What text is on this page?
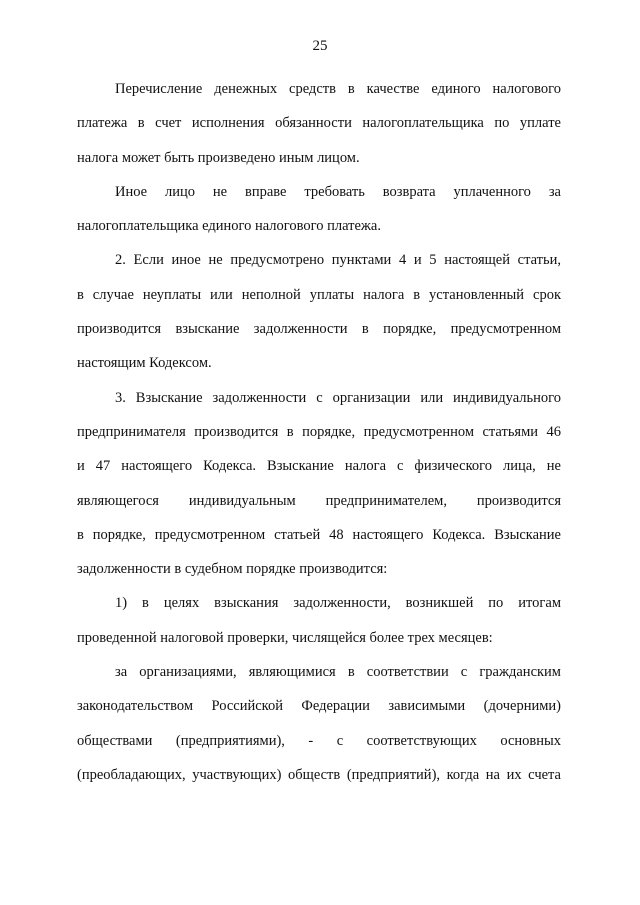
25

Перечисление денежных средств в качестве единого налогового
платежа в счет исполнения обязанности налогоплательщика по уплате
налога может быть произведено иным лицом.

Иное лицо не вправе требовать возврата уплаченного за
налогоплательщика единого налогового платежа.

2. Если иное не предусмотрено пунктами 4 и 5 настоящей статьи,
в случае неуплаты или неполной уплаты налога в установленный срок
производится взыскание задолженности в порядке, предусмотренном
настоящим Кодексом.

3. Взыскание задолженности с организации или индивидуального
предпринимателя производится в порядке, предусмотренном статьями 46
и 47 настоящего Кодекса. Взыскание налога с физического лица, не
являющегося индивидуальным предпринимателем, производится
в порядке, предусмотренном статьей 48 настоящего Кодекса. Взыскание
задолженности в судебном порядке производится:

1) в целях взыскания задолженности, возникшей по итогам
проведенной налоговой проверки, числящейся более трех месяцев:

за организациями, являющимися в соответствии с гражданским
законодательством Российской Федерации зависимыми (дочерними)
обществами (предприятиями), - с соответствующих основных
(преобладающих, участвующих) обществ (предприятий), когда на их счета
